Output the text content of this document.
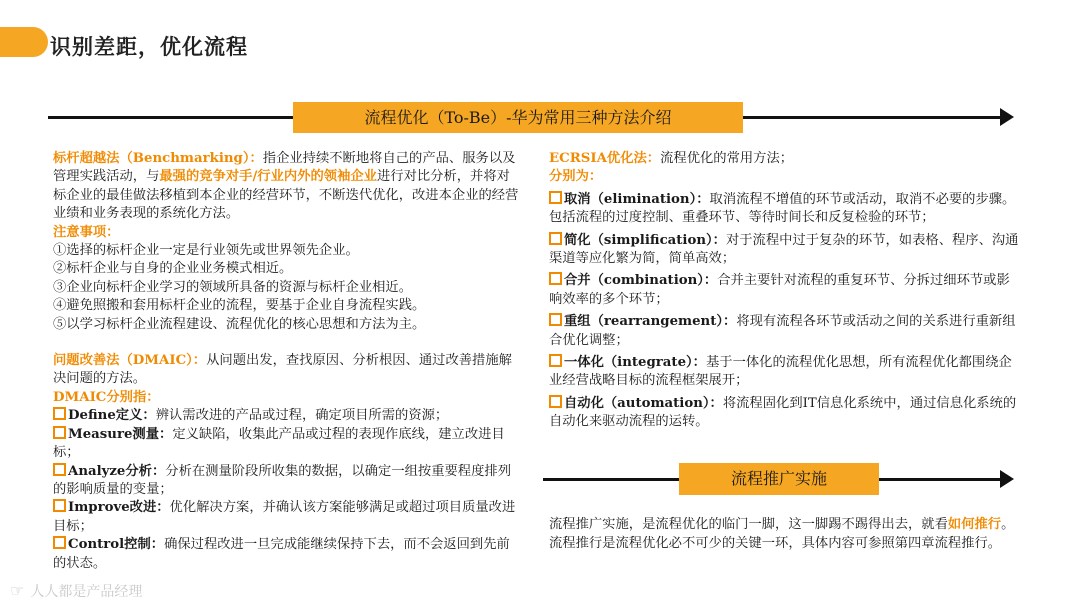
识别差距，优化流程
流程优化（To-Be）-华为常用三种方法介绍

标杆超越法（Benchmarking）：指企业持续不断地将自己的产品、服务以及管理实践活动，与最强的竞争对手/行业内外的领袖企业进行对比分析，并将对标企业的最佳做法移植到本企业的经营环节，不断迭代优化，改进本企业的经营业绩和业务表现的系统化方法。

注意事项：

①选择的标杆企业一定是行业领先或世界领先企业。

②标杆企业与自身的企业业务模式相近。

③企业向标杆企业学习的领域所具备的资源与标杆企业相近。

④避免照搬和套用标杆企业的流程，要基于企业自身流程实践。

⑤以学习标杆企业流程建设、流程优化的核心思想和方法为主。

问题改善法（DMAIC）：从问题出发，查找原因、分析根因、通过改善措施解决问题的方法。

DMAIC分别指：

Define定义：辨认需改进的产品或过程，确定项目所需的资源；

Measure测量：定义缺陷，收集此产品或过程的表现作底线，建立改进目标；

Analyze分析：分析在测量阶段所收集的数据，以确定一组按重要程度排列的影响质量的变量；

Improve改进：优化解决方案，并确认该方案能够满足或超过项目质量改进目标；

Control控制：确保过程改进一旦完成能继续保持下去，而不会返回到先前的状态。

ECRSIA优化法：流程优化的常用方法；

分别为：

取消（elimination）：取消流程不增值的环节或活动，取消不必要的步骤。包括流程的过度控制、重叠环节、等待时间长和反复检验的环节；

简化（simplification）：对于流程中过于复杂的环节，如表格、程序、沟通渠道等应化繁为简，简单高效；

合并（combination）：合并主要针对流程的重复环节、分拆过细环节或影响效率的多个环节；

重组（rearrangement）：将现有流程各环节或活动之间的关系进行重新组合优化调整；

一体化（integrate）：基于一体化的流程优化思想，所有流程优化都围绕企业经营战略目标的流程框架展开；

自动化（automation）：将流程固化到IT信息化系统中，通过信息化系统的自动化来驱动流程的运转。

流程推广实施
流程推广实施，是流程优化的临门一脚，这一脚踢不踢得出去，就看如何推行。流程推行是流程优化必不可少的关键一环，具体内容可参照第四章流程推行。
☞ 人人都是产品经理
